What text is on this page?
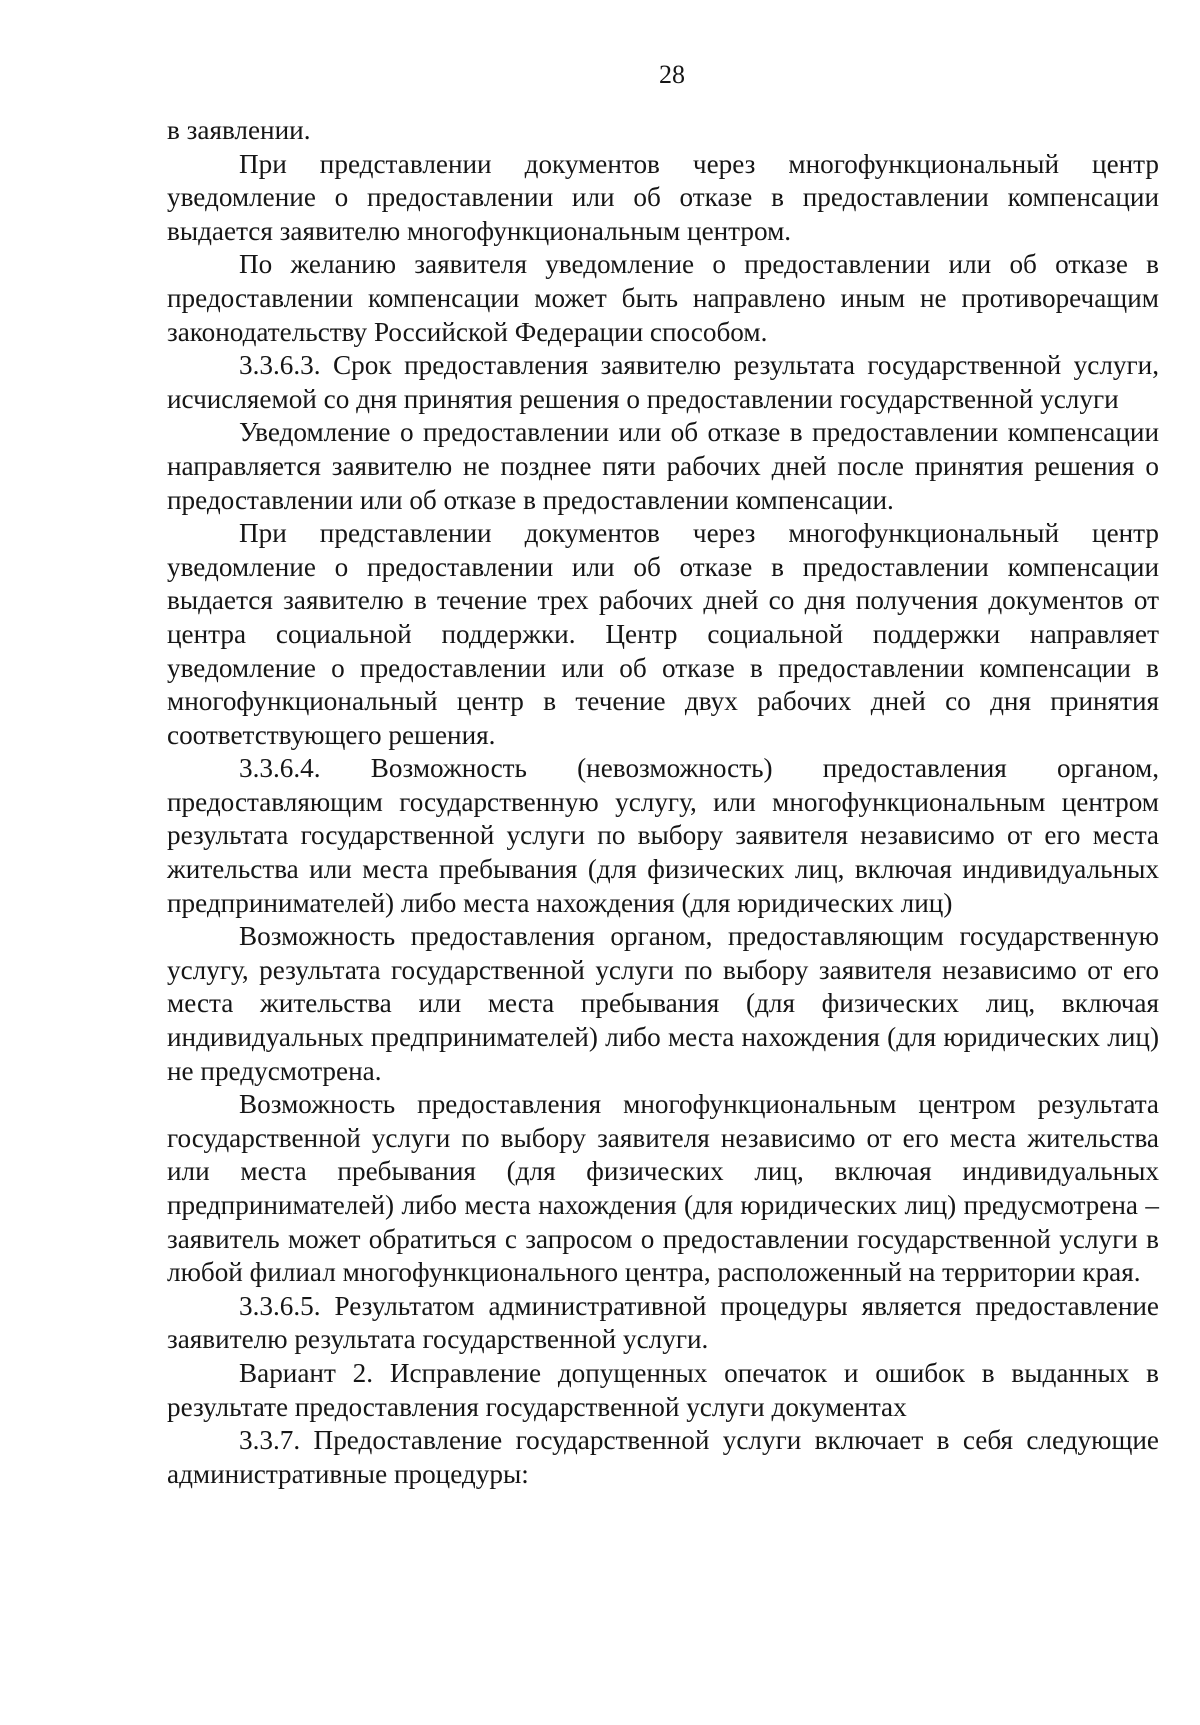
28

в заявлении.

При представлении документов через многофункциональный центр уведомление о предоставлении или об отказе в предоставлении компенсации выдается заявителю многофункциональным центром.

По желанию заявителя уведомление о предоставлении или об отказе в предоставлении компенсации может быть направлено иным не противоречащим законодательству Российской Федерации способом.

3.3.6.3. Срок предоставления заявителю результата государственной услуги, исчисляемой со дня принятия решения о предоставлении государственной услуги

Уведомление о предоставлении или об отказе в предоставлении компенсации направляется заявителю не позднее пяти рабочих дней после принятия решения о предоставлении или об отказе в предоставлении компенсации.

При представлении документов через многофункциональный центр уведомление о предоставлении или об отказе в предоставлении компенсации выдается заявителю в течение трех рабочих дней со дня получения документов от центра социальной поддержки. Центр социальной поддержки направляет уведомление о предоставлении или об отказе в предоставлении компенсации в многофункциональный центр в течение двух рабочих дней со дня принятия соответствующего решения.

3.3.6.4. Возможность (невозможность) предоставления органом, предоставляющим государственную услугу, или многофункциональным центром результата государственной услуги по выбору заявителя независимо от его места жительства или места пребывания (для физических лиц, включая индивидуальных предпринимателей) либо места нахождения (для юридических лиц)

Возможность предоставления органом, предоставляющим государственную услугу, результата государственной услуги по выбору заявителя независимо от его места жительства или места пребывания (для физических лиц, включая индивидуальных предпринимателей) либо места нахождения (для юридических лиц) не предусмотрена.

Возможность предоставления многофункциональным центром результата государственной услуги по выбору заявителя независимо от его места жительства или места пребывания (для физических лиц, включая индивидуальных предпринимателей) либо места нахождения (для юридических лиц) предусмотрена – заявитель может обратиться с запросом о предоставлении государственной услуги в любой филиал многофункционального центра, расположенный на территории края.

3.3.6.5. Результатом административной процедуры является предоставление заявителю результата государственной услуги.

Вариант 2. Исправление допущенных опечаток и ошибок в выданных в результате предоставления государственной услуги документах

3.3.7. Предоставление государственной услуги включает в себя следующие административные процедуры:
